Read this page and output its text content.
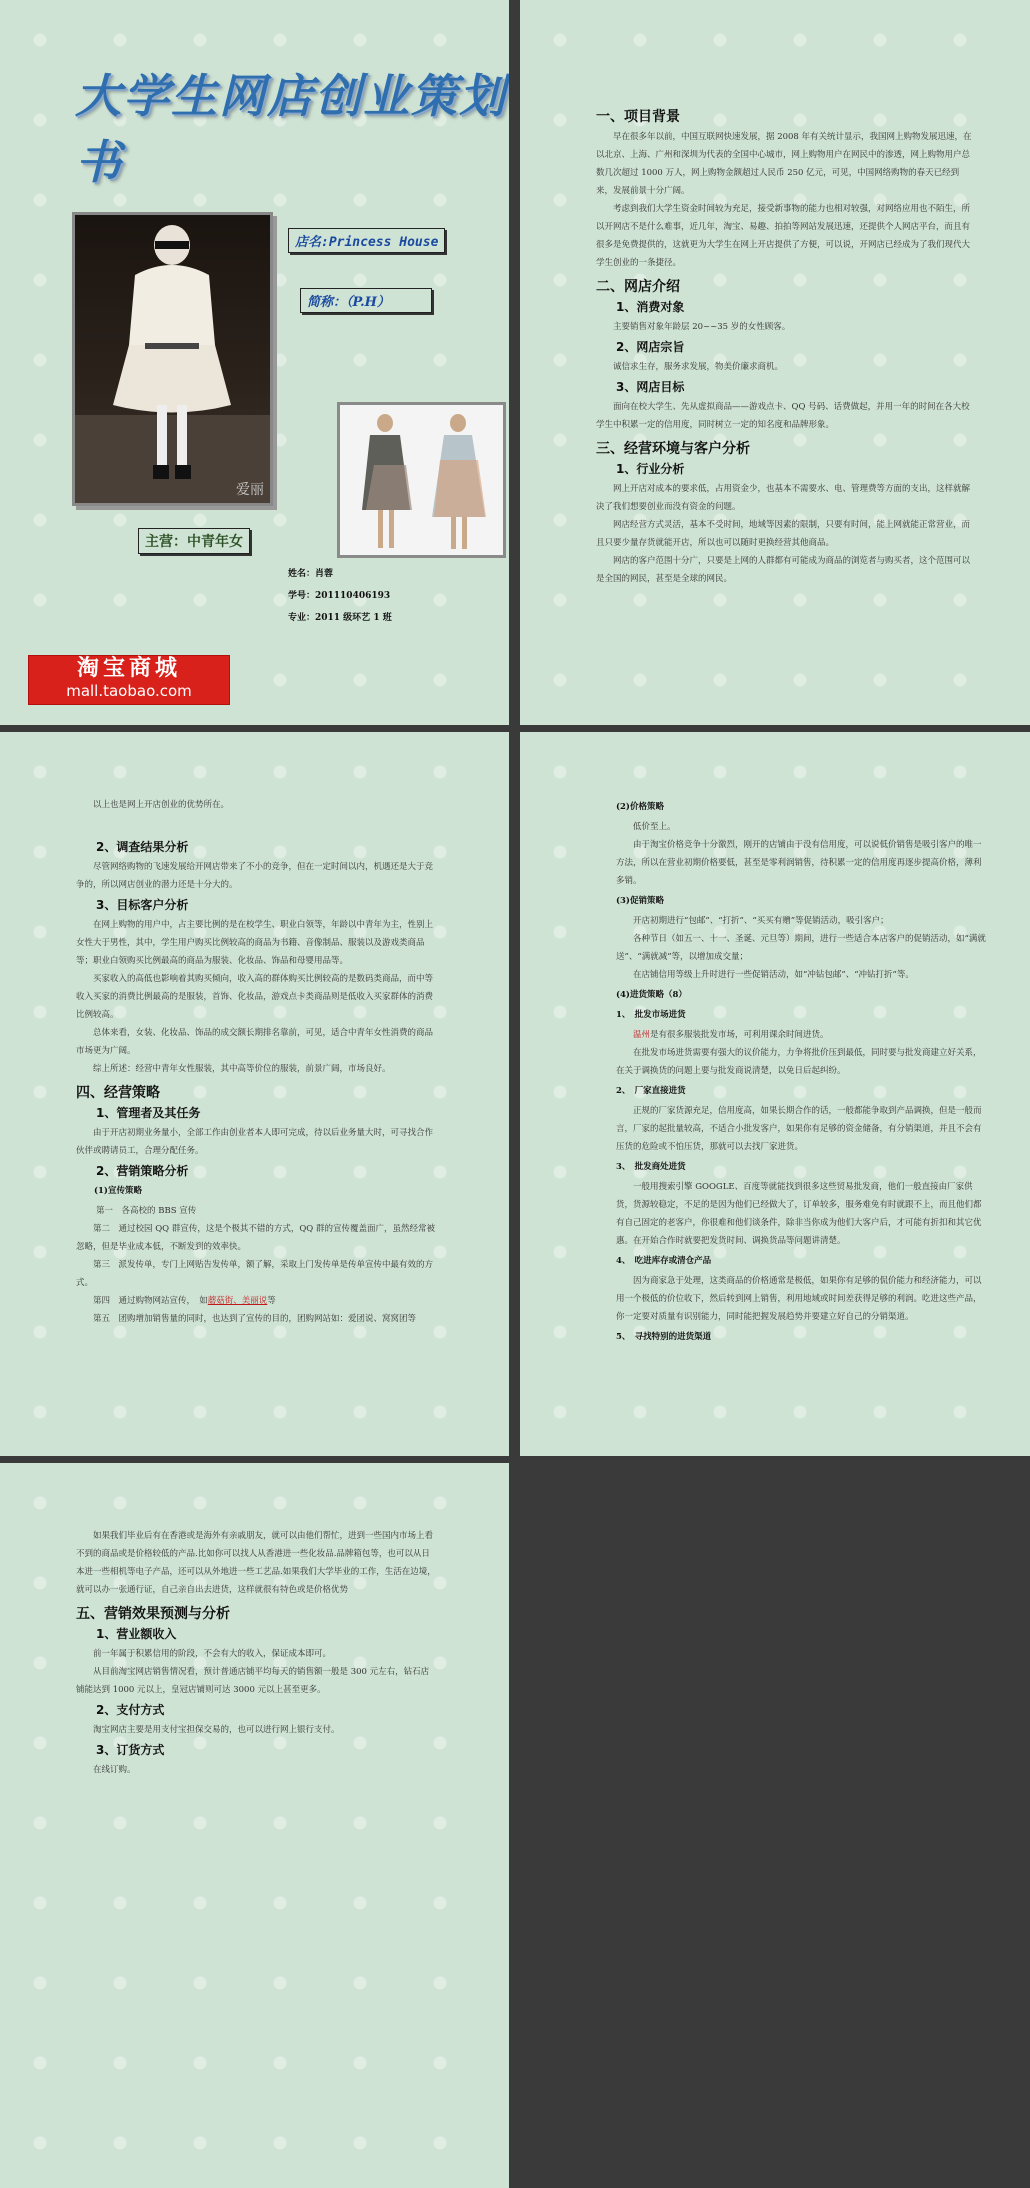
大学生网店创业策划书
爱丽
店名:Princess House
简称：（P.H）
主营：中青年女
姓名：肖蓉
学号：201110406193
专业：2011 级环艺 1 班
淘宝商城
mall.taobao.com
一、项目背景

早在很多年以前，中国互联网快速发展，据 2008 年有关统计显示，我国网上购物发展迅速，在以北京、上海、广州和深圳为代表的全国中心城市，网上购物用户在网民中的渗透，网上购物用户总数几次超过 1000 万人，网上购物金额超过人民币 250 亿元，可见，中国网络购物的春天已经到来，发展前景十分广阔。

考虑到我们大学生资金时间较为充足，接受新事物的能力也相对较强，对网络应用也不陌生，所以开网店不是什么难事，近几年，淘宝、易趣、拍拍等网站发展迅速，还提供个人网店平台，而且有很多是免费提供的，这就更为大学生在网上开店提供了方便，可以说，开网店已经成为了我们现代大学生创业的一条捷径。

二、网店介绍
1、消费对象

主要销售对象年龄层 20~~35 岁的女性顾客。

2、网店宗旨

诚信求生存，服务求发展，物美价廉求商机。

3、网店目标

面向在校大学生、先从虚拟商品——游戏点卡、QQ 号码、话费做起，并用一年的时间在各大校学生中积累一定的信用度，同时树立一定的知名度和品牌形象。

三、经营环境与客户分析
1、行业分析

网上开店对成本的要求低，占用资金少，也基本不需要水、电、管理费等方面的支出，这样就解决了我们想要创业而没有资金的问题。

网店经营方式灵活，基本不受时间，地域等因素的限制，只要有时间，能上网就能正常营业，而且只要少量存货就能开店，所以也可以随时更换经营其他商品。

网店的客户范围十分广，只要是上网的人群都有可能成为商品的浏览者与购买者，这个范围可以是全国的网民，甚至是全球的网民。

以上也是网上开店创业的优势所在。

2、调查结果分析

尽管网络购物的飞速发展给开网店带来了不小的竞争，但在一定时间以内，机遇还是大于竞争的，所以网店创业的潜力还是十分大的。

3、目标客户分析

在网上购物的用户中，占主要比例的是在校学生、职业白领等，年龄以中青年为主，性别上女性大于男性，其中，学生用户购买比例较高的商品为书籍、音像制品、服装以及游戏类商品等；职业白领购买比例最高的商品为服装、化妆品、饰品和母婴用品等。

买家收入的高低也影响着其购买倾向，收入高的群体购买比例较高的是数码类商品，而中等收入买家的消费比例最高的是服装，首饰、化妆品，游戏点卡类商品则是低收入买家群体的消费比例较高。

总体来看，女装、化妆品、饰品的成交额长期排名靠前，可见，适合中青年女性消费的商品市场更为广阔。

综上所述：经营中青年女性服装，其中高等价位的服装，前景广阔，市场良好。

四、经营策略
1、管理者及其任务

由于开店初期业务量小，全部工作由创业者本人即可完成，待以后业务量大时，可寻找合作伙伴或聘请员工，合理分配任务。

2、营销策略分析
(1)宣传策略

第一　各高校的 BBS 宣传

第二　通过校园 QQ 群宣传，这是个极其不错的方式，QQ 群的宣传覆盖面广，虽然经常被忽略，但是毕业成本低，不断发到的效率快。

第三　派发传单，专门上网贴告发传单，额了解，采取上门发传单是传单宣传中最有效的方式。

第四　通过购物网站宣传，　如蘑菇街、美丽说等

第五　团购增加销售量的同时，也达到了宣传的目的，团购网站如：爱团说、窝窝团等

(2)价格策略

低价至上。

由于淘宝价格竞争十分激烈，刚开的店铺由于没有信用度，可以说低价销售是吸引客户的唯一方法，所以在营业初期价格要低，甚至是零利润销售，待积累一定的信用度再逐步提高价格，薄利多销。

(3)促销策略

开店初期进行“包邮”、“打折”、“买买有赠”等促销活动，吸引客户；

各种节日（如五一、十一、圣诞、元旦等）期间，进行一些适合本店客户的促销活动，如“满就送”、“满就减”等，以增加成交量；

在店铺信用等级上升时进行一些促销活动，如“冲钻包邮”、“冲钻打折”等。

(4)进货策略（8）
1、　批发市场进货

温州是有很多服装批发市场，可利用课余时间进货。

在批发市场进货需要有强大的议价能力，力争将批价压到最低，同时要与批发商建立好关系，在关于调换货的问题上要与批发商说清楚，以免日后起纠纷。

2、　厂家直接进货

正规的厂家货源充足，信用度高，如果长期合作的话，一般都能争取到产品调换，但是一般而言，厂家的起批量较高，不适合小批发客户，如果你有足够的资金储备，有分销渠道，并且不会有压货的危险或不怕压货，那就可以去找厂家进货。

3、　批发商处进货

一般用搜索引擎 GOOGLE、百度等就能找到很多这些贸易批发商，他们一般直接由厂家供货，货源较稳定，不足的是因为他们已经做大了，订单较多，服务难免有时就跟不上，而且他们都有自己固定的老客户，你很难和他们谈条件，除非当你成为他们大客户后，才可能有折扣和其它优惠。在开始合作时就要把发货时间、调换货品等问题讲清楚。

4、　吃进库存或清仓产品

因为商家急于处理，这类商品的价格通常是极低，如果你有足够的侃价能力和经济能力，可以用一个极低的价位收下，然后转到网上销售，利用地域或时间差获得足够的利润。吃进这些产品，你一定要对质量有识别能力，同时能把握发展趋势并要建立好自己的分销渠道。

5、　寻找特别的进货渠道

如果我们毕业后有在香港或是海外有亲戚朋友，就可以由他们帮忙，进到一些国内市场上看不到的商品或是价格较低的产品.比如你可以找人从香港进一些化妆品.品牌箱包等，也可以从日本进一些相机等电子产品，还可以从外地进一些工艺品.如果我们大学毕业的工作，生活在边境，就可以办一张通行证，自己亲自出去进货，这样就很有特色或是价格优势

五、营销效果预测与分析
1、营业额收入

前一年属于积累信用的阶段，不会有大的收入，保证成本即可。

从目前淘宝网店销售情况看，预计普通店铺平均每天的销售额一般是 300 元左右，钻石店铺能达到 1000 元以上，皇冠店铺则可达 3000 元以上甚至更多。

2、支付方式

淘宝网店主要是用支付宝担保交易的，也可以进行网上银行支付。

3、订货方式

在线订购。
